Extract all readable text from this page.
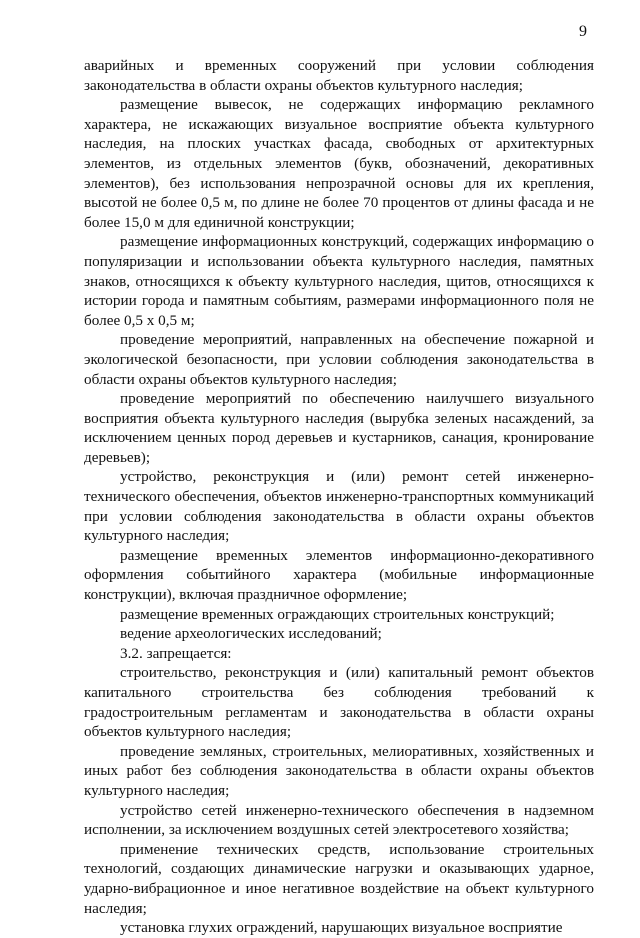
9

аварийных и временных сооружений при условии соблюдения законодательства в области охраны объектов культурного наследия;

размещение вывесок, не содержащих информацию рекламного характера, не искажающих визуальное восприятие объекта культурного наследия, на плоских участках фасада, свободных от архитектурных элементов, из отдельных элементов (букв, обозначений, декоративных элементов), без использования непрозрачной основы для их крепления, высотой не более 0,5 м, по длине не более 70 процентов от длины фасада и не более 15,0 м для единичной конструкции;

размещение информационных конструкций, содержащих информацию о популяризации и использовании объекта культурного наследия, памятных знаков, относящихся к объекту культурного наследия, щитов, относящихся к истории города и памятным событиям, размерами информационного поля не более 0,5 х 0,5 м;

проведение мероприятий, направленных на обеспечение пожарной и экологической безопасности, при условии соблюдения законодательства в области охраны объектов культурного наследия;

проведение мероприятий по обеспечению наилучшего визуального восприятия объекта культурного наследия (вырубка зеленых насаждений, за исключением ценных пород деревьев и кустарников, санация, кронирование деревьев);

устройство, реконструкция и (или) ремонт сетей инженерно-технического обеспечения, объектов инженерно-транспортных коммуникаций при условии соблюдения законодательства в области охраны объектов культурного наследия;

размещение временных элементов информационно-декоративного оформления событийного характера (мобильные информационные конструкции), включая праздничное оформление;

размещение временных ограждающих строительных конструкций;

ведение археологических исследований;

3.2. запрещается:

строительство, реконструкция и (или) капитальный ремонт объектов капитального строительства без соблюдения требований к градостроительным регламентам и законодательства в области охраны объектов культурного наследия;

проведение земляных, строительных, мелиоративных, хозяйственных и иных работ без соблюдения законодательства в области охраны объектов культурного наследия;

устройство сетей инженерно-технического обеспечения в надземном исполнении, за исключением воздушных сетей электросетевого хозяйства;

применение технических средств, использование строительных технологий, создающих динамические нагрузки и оказывающих ударное, ударно-вибрационное и иное негативное воздействие на объект культурного наследия;

установка глухих ограждений, нарушающих визуальное восприятие
